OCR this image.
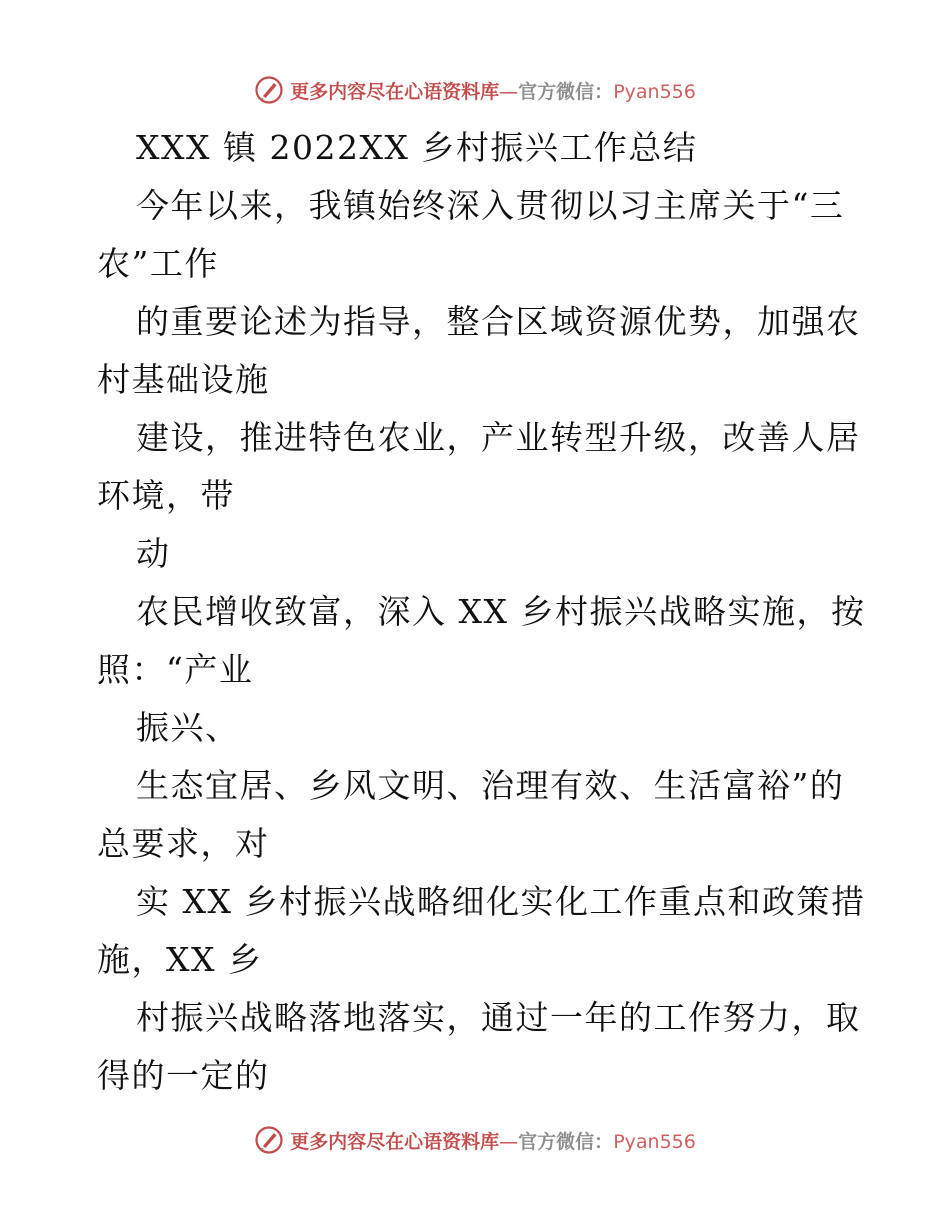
更多内容尽在心语资料库—官方微信：Pyan556
XXX 镇 2022XX 乡村振兴工作总结
今年以来，我镇始终深入贯彻以习主席关于“三
农”工作
的重要论述为指导，整合区域资源优势，加强农
村基础设施
建设，推进特色农业，产业转型升级，改善人居
环境，带
动
农民增收致富，深入 XX 乡村振兴战略实施，按
照：“产业
振兴、
生态宜居、乡风文明、治理有效、生活富裕”的
总要求，对
实 XX 乡村振兴战略细化实化工作重点和政策措
施，XX 乡
村振兴战略落地落实，通过一年的工作努力，取
得的一定的
更多内容尽在心语资料库—官方微信：Pyan556
